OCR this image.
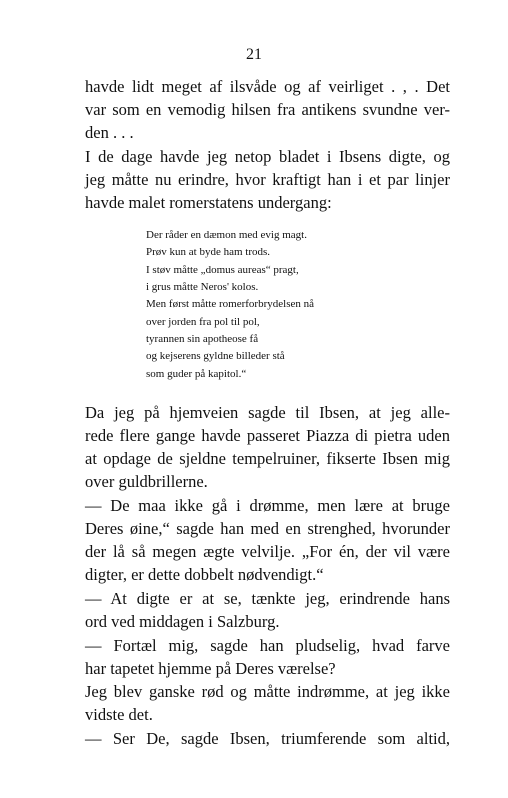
21
havde lidt meget af ilsvåde og af veirliget . , . Det
var som en vemodig hilsen fra antikens svundne ver-
den . . .
I de dage havde jeg netop bladet i Ibsens digte, og
jeg måtte nu erindre, hvor kraftigt han i et par linjer
havde malet romerstatens undergang:
Der råder en dæmon med evig magt.
Prøv kun at byde ham trods.
I støv måtte „domus aureas“ pragt,
i grus måtte Neros' kolos.
Men først måtte romerforbrydelsen nå
over jorden fra pol til pol,
tyrannen sin apotheose få
og kejserens gyldne billeder stå
som guder på kapitol.“
Da jeg på hjemveien sagde til Ibsen, at jeg alle-
rede flere gange havde passeret Piazza di pietra uden
at opdage de sjeldne tempelruiner, fikserte Ibsen mig
over guldbrillerne.
— De maa ikke gå i drømme, men lære at bruge
Deres øine,“ sagde han med en strenghed, hvorunder
der lå så megen ægte velvilje. „For én, der vil være
digter, er dette dobbelt nødvendigt.“
— At digte er at se, tænkte jeg, erindrende hans
ord ved middagen i Salzburg.
— Fortæl mig, sagde han pludselig, hvad farve
har tapetet hjemme på Deres værelse?
Jeg blev ganske rød og måtte indrømme, at jeg ikke
vidste det.
— Ser De, sagde Ibsen, triumferende som altid,
